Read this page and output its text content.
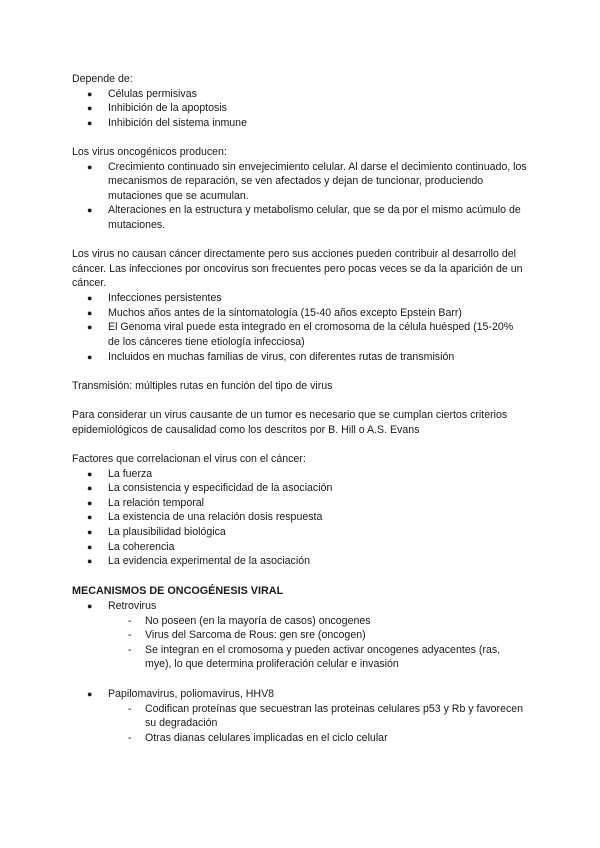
Depende de:

●	Células permisivas
●	Inhibición de la apoptosis
●	Inhibición del sistema inmune

Los virus oncogénicos producen:

●	Crecimiento continuado sin envejecimiento celular. Al darse el decimiento continuado, los mecanismos de reparación, se ven afectados y dejan de tuncionar, produciendo mutaciones que se acumulan.
●	Alteraciones en la estructura y metabolismo celular, que se da por el mismo acúmulo de mutaciones.

Los virus no causan cáncer directamente pero sus acciones pueden contribuir al desarrollo del cáncer. Las infecciones por oncovirus son frecuentes pero pocas veces se da la aparición de un cáncer.

●	Infecciones persistentes
●	Muchos años antes de la sintomatología (15-40 años excepto Epstein Barr)
●	El Genoma viral puede esta integrado en el cromosoma de la célula huésped (15-20% de los cánceres tiene etiología infecciosa)
●	Incluidos en muchas familias de virus, con diferentes rutas de transmisión

Transmisión: múltiples rutas en función del tipo de virus

Para considerar un virus causante de un tumor es necesario que se cumplan ciertos criterios epidemiológicos de causalidad como los descritos por B. Hill o A.S. Evans

Factores que correlacionan el virus con el cáncer:

●	La fuerza
●	La consistencia y especificidad de la asociación
●	La relación temporal
●	La existencia de una relación dosis respuesta
●	La plausibilidad biológica
●	La coherencia
●	La evidencia experimental de la asociación

MECANISMOS DE ONCOGÉNESIS VIRAL

●	Retrovirus
-	No poseen (en la mayoría de casos) oncogenes
-	Virus del Sarcoma de Rous: gen sre (oncogen)
-	Se integran en el cromosoma y pueden activar oncogenes adyacentes (ras, mye), lo que determina proliferación celular e invasión
●	Papilomavirus, poliomavirus, HHV8
-	Codifican proteínas que secuestran las proteinas celulares p53 y Rb y favorecen su degradación
-	Otras dianas celulares implicadas en el ciclo celular
